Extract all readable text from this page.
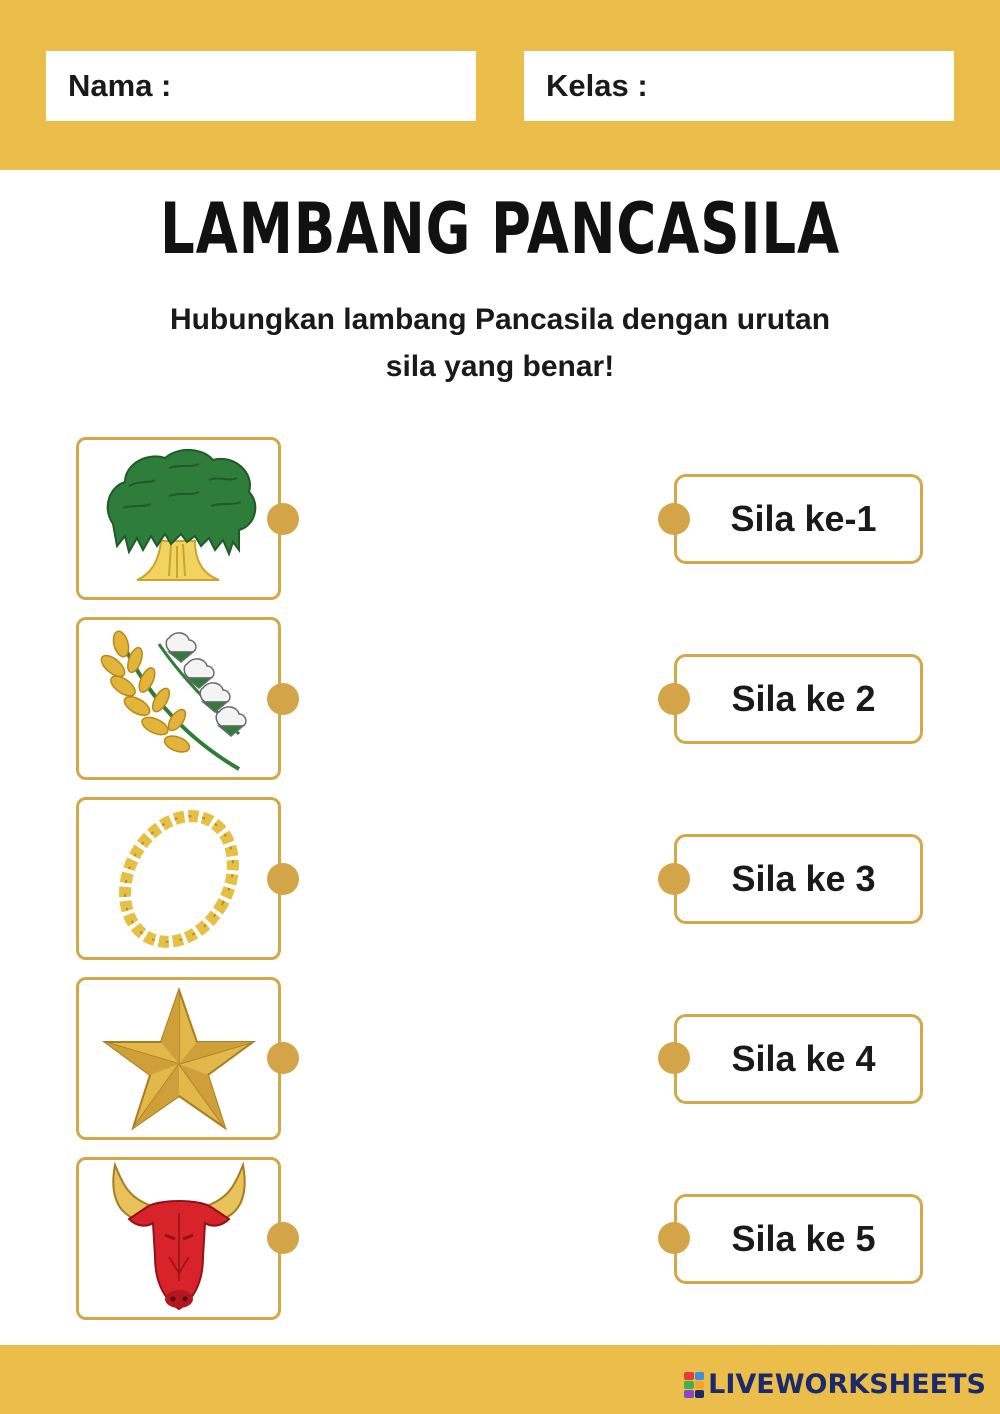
Nama :	Kelas :
LAMBANG PANCASILA
Hubungkan lambang Pancasila dengan urutan
sila yang benar!
Sila ke-1
Sila ke 2
Sila ke 3
Sila ke 4
Sila ke 5
LIVEWORKSHEETS
